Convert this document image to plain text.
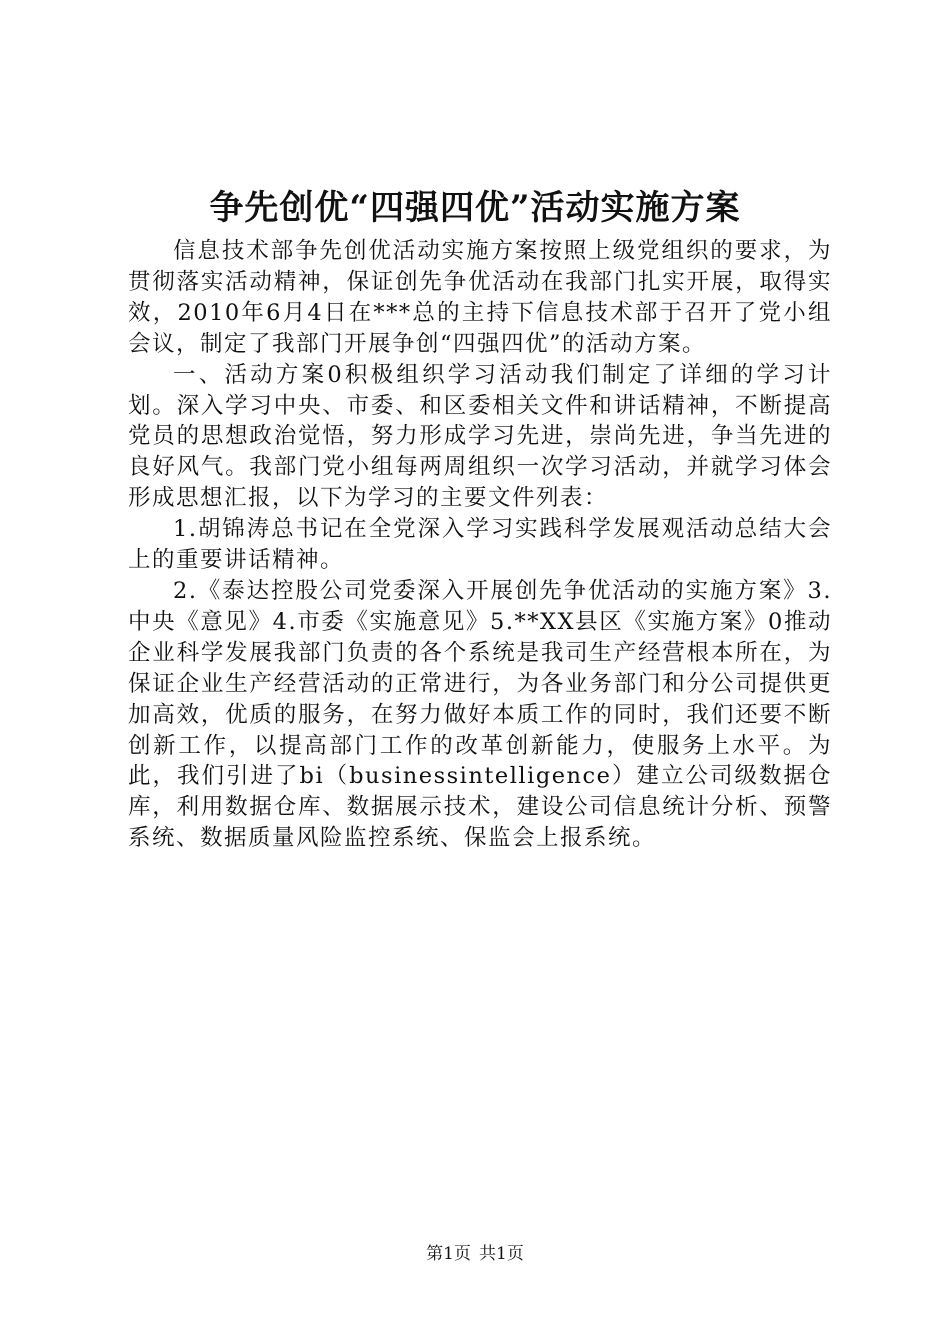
争先创优“四强四优”活动实施方案

信息技术部争先创优活动实施方案按照上级党组织的要求，为贯彻落实活动精神，保证创先争优活动在我部门扎实开展，取得实效，2010年6月4日在***总的主持下信息技术部于召开了党小组会议，制定了我部门开展争创“四强四优”的活动方案。

一、活动方案0积极组织学习活动我们制定了详细的学习计划。深入学习中央、市委、和区委相关文件和讲话精神，不断提高党员的思想政治觉悟，努力形成学习先进，崇尚先进，争当先进的良好风气。我部门党小组每两周组织一次学习活动，并就学习体会形成思想汇报，以下为学习的主要文件列表：

1.胡锦涛总书记在全党深入学习实践科学发展观活动总结大会上的重要讲话精神。

2.《泰达控股公司党委深入开展创先争优活动的实施方案》3.中央《意见》4.市委《实施意见》5.**XX县区《实施方案》0推动企业科学发展我部门负责的各个系统是我司生产经营根本所在，为保证企业生产经营活动的正常进行，为各业务部门和分公司提供更加高效，优质的服务，在努力做好本质工作的同时，我们还要不断创新工作，以提高部门工作的改革创新能力，使服务上水平。为此，我们引进了bi（businessintelligence）建立公司级数据仓库，利用数据仓库、数据展示技术，建设公司信息统计分析、预警系统、数据质量风险监控系统、保监会上报系统。

第1页 共1页
